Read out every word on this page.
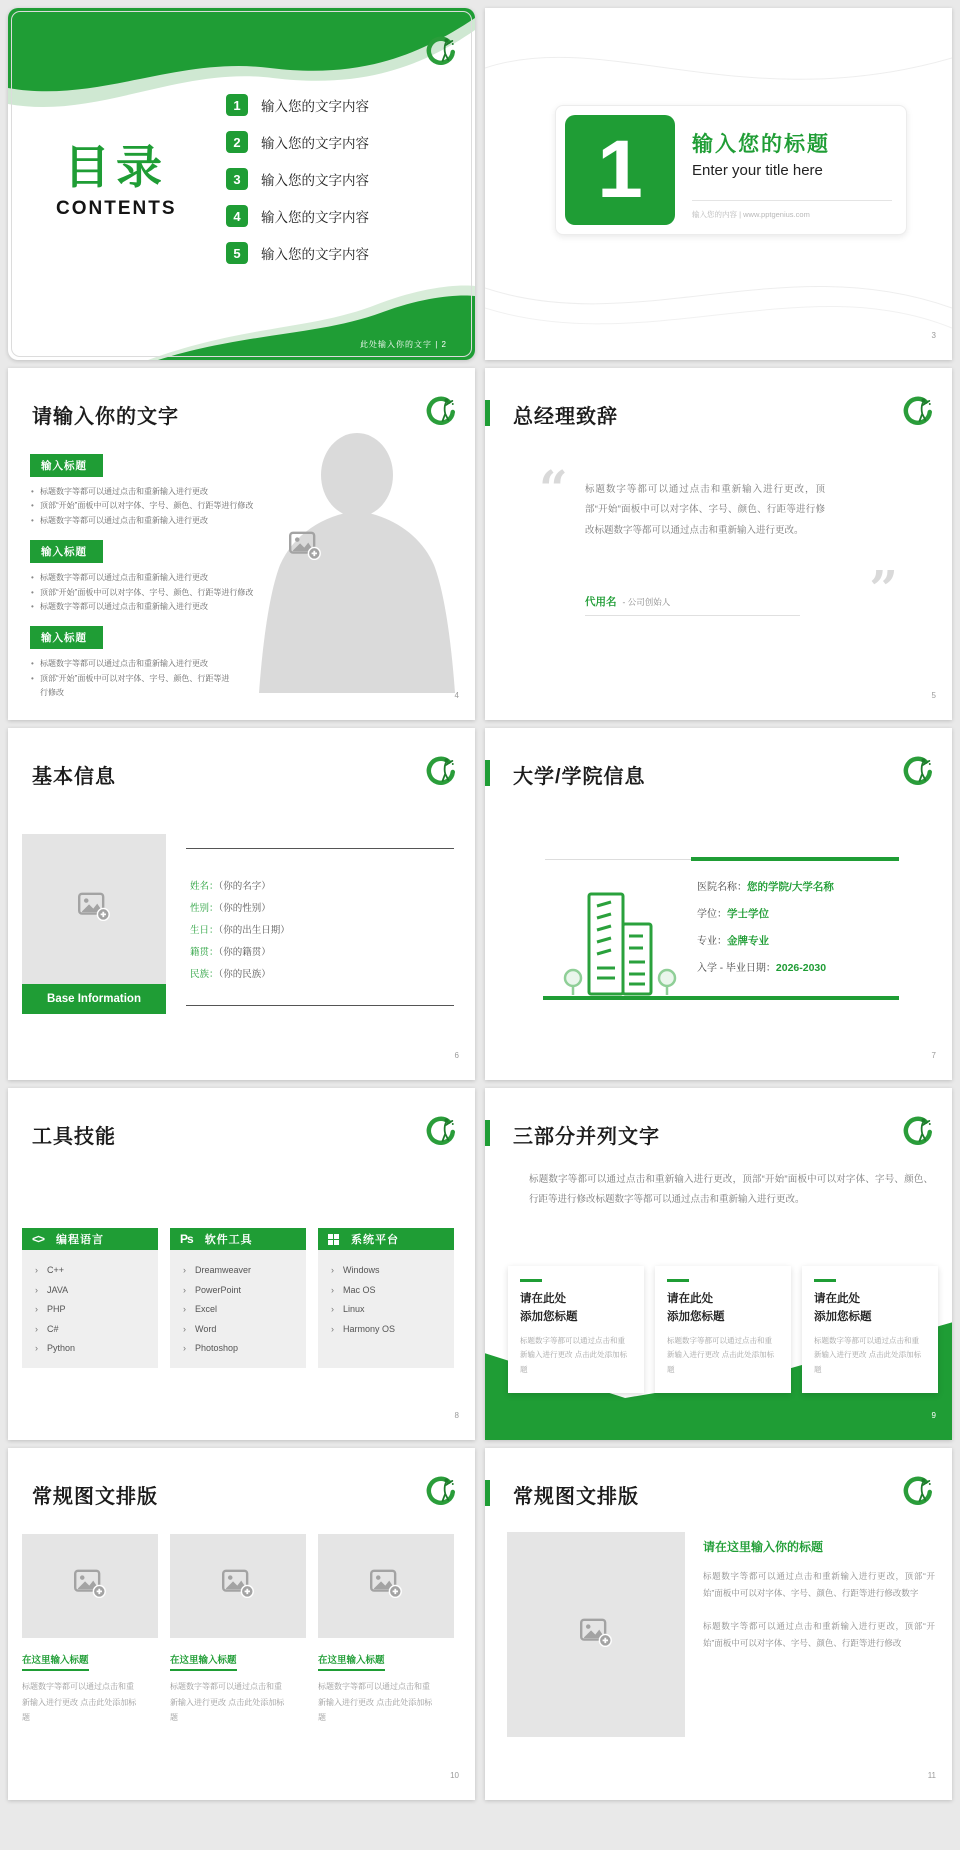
目录
CONTENTS
1	输入您的文字内容
2	输入您的文字内容
3	输入您的文字内容
4	输入您的文字内容
5	输入您的文字内容
此处输入你的文字 | 2
1	输入您的标题
Enter your title here
输入您的内容 | www.pptgenius.com
3
请输入你的文字
输入标题
• 标题数字等都可以通过点击和重新输入进行更改
• 顶部“开始”面板中可以对字体、字号、颜色、行距等进行修改
• 标题数字等都可以通过点击和重新输入进行更改
输入标题
• 标题数字等都可以通过点击和重新输入进行更改
• 顶部“开始”面板中可以对字体、字号、颜色、行距等进行修改
• 标题数字等都可以通过点击和重新输入进行更改
输入标题
• 标题数字等都可以通过点击和重新输入进行更改
• 顶部“开始”面板中可以对字体、字号、颜色、行距等进行修改	4
总经理致辞
“ 标题数字等都可以通过点击和重新输入进行更改，顶部“开始”面板中可以对字体、字号、颜色、行距等进行修改标题数字等都可以通过点击和重新输入进行更改。
代用名 - 公司创始人	”
5
基本信息
Base Information
姓名：（你的名字）
性别：（你的性别）
生日：（你的出生日期）
籍贯：（你的籍贯）
民族：（你的民族）
6
大学/学院信息
医院名称：您的学院/大学名称
学位：学士学位
专业：金牌专业
入学 - 毕业日期：2026-2030
7
工具技能
<> 编程语言
› C++
› JAVA
› PHP
› C#
› Python
Ps 软件工具
› Dreamweaver
› PowerPoint
› Excel
› Word
› Photoshop
系统平台
› Windows
› Mac OS
› Linux
› Harmony OS
8
三部分并列文字
标题数字等都可以通过点击和重新输入进行更改，顶部“开始”面板中可以对字体、字号、颜色、行距等进行修改标题数字等都可以通过点击和重新输入进行更改。
请在此处
添加您标题
标题数字等都可以通过点击和重新输入进行更改 点击此处添加标题
请在此处
添加您标题
标题数字等都可以通过点击和重新输入进行更改 点击此处添加标题
请在此处
添加您标题
标题数字等都可以通过点击和重新输入进行更改 点击此处添加标题
9
常规图文排版
在这里输入标题
标题数字等都可以通过点击和重新输入进行更改 点击此处添加标题
在这里输入标题
标题数字等都可以通过点击和重新输入进行更改 点击此处添加标题
在这里输入标题
标题数字等都可以通过点击和重新输入进行更改 点击此处添加标题
10
常规图文排版
请在这里输入你的标题
标题数字等都可以通过点击和重新输入进行更改，顶部“开始”面板中可以对字体、字号、颜色、行距等进行修改数字
标题数字等都可以通过点击和重新输入进行更改，顶部“开始”面板中可以对字体、字号、颜色、行距等进行修改
11
